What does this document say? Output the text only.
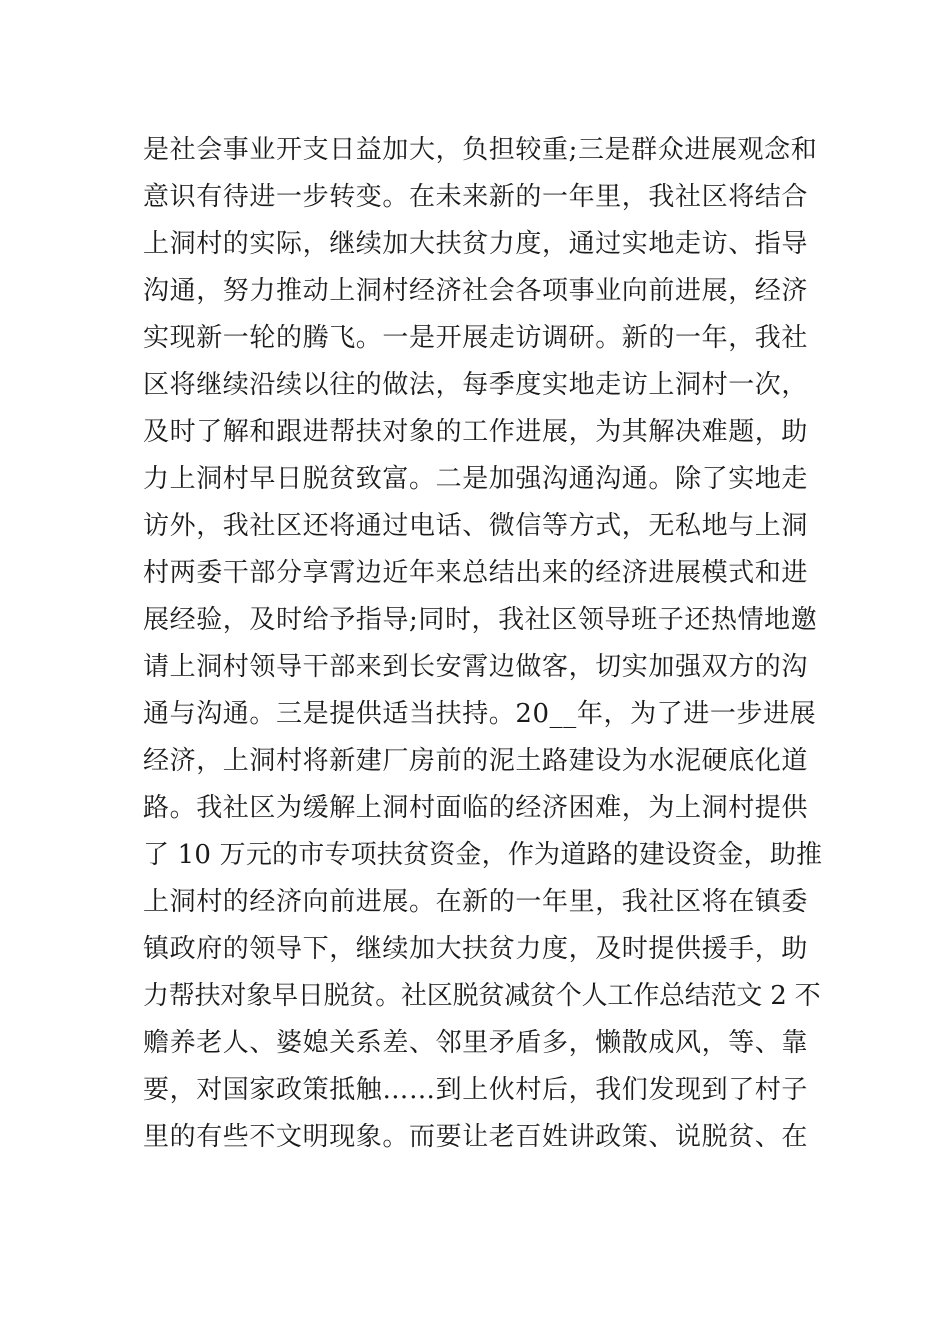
是社会事业开支日益加大，负担较重;三是群众进展观念和
意识有待进一步转变。在未来新的一年里，我社区将结合
上洞村的实际，继续加大扶贫力度，通过实地走访、指导
沟通，努力推动上洞村经济社会各项事业向前进展，经济
实现新一轮的腾飞。一是开展走访调研。新的一年，我社
区将继续沿续以往的做法，每季度实地走访上洞村一次，
及时了解和跟进帮扶对象的工作进展，为其解决难题，助
力上洞村早日脱贫致富。二是加强沟通沟通。除了实地走
访外，我社区还将通过电话、微信等方式，无私地与上洞
村两委干部分享霄边近年来总结出来的经济进展模式和进
展经验，及时给予指导;同时，我社区领导班子还热情地邀
请上洞村领导干部来到长安霄边做客，切实加强双方的沟
通与沟通。三是提供适当扶持。20__年，为了进一步进展
经济，上洞村将新建厂房前的泥土路建设为水泥硬底化道
路。我社区为缓解上洞村面临的经济困难，为上洞村提供
了 10 万元的市专项扶贫资金，作为道路的建设资金，助推
上洞村的经济向前进展。在新的一年里，我社区将在镇委
镇政府的领导下，继续加大扶贫力度，及时提供援手，助
力帮扶对象早日脱贫。社区脱贫减贫个人工作总结范文 2 不
赡养老人、婆媳关系差、邻里矛盾多，懒散成风，等、靠
要，对国家政策抵触……到上伙村后，我们发现到了村子
里的有些不文明现象。而要让老百姓讲政策、说脱贫、在
